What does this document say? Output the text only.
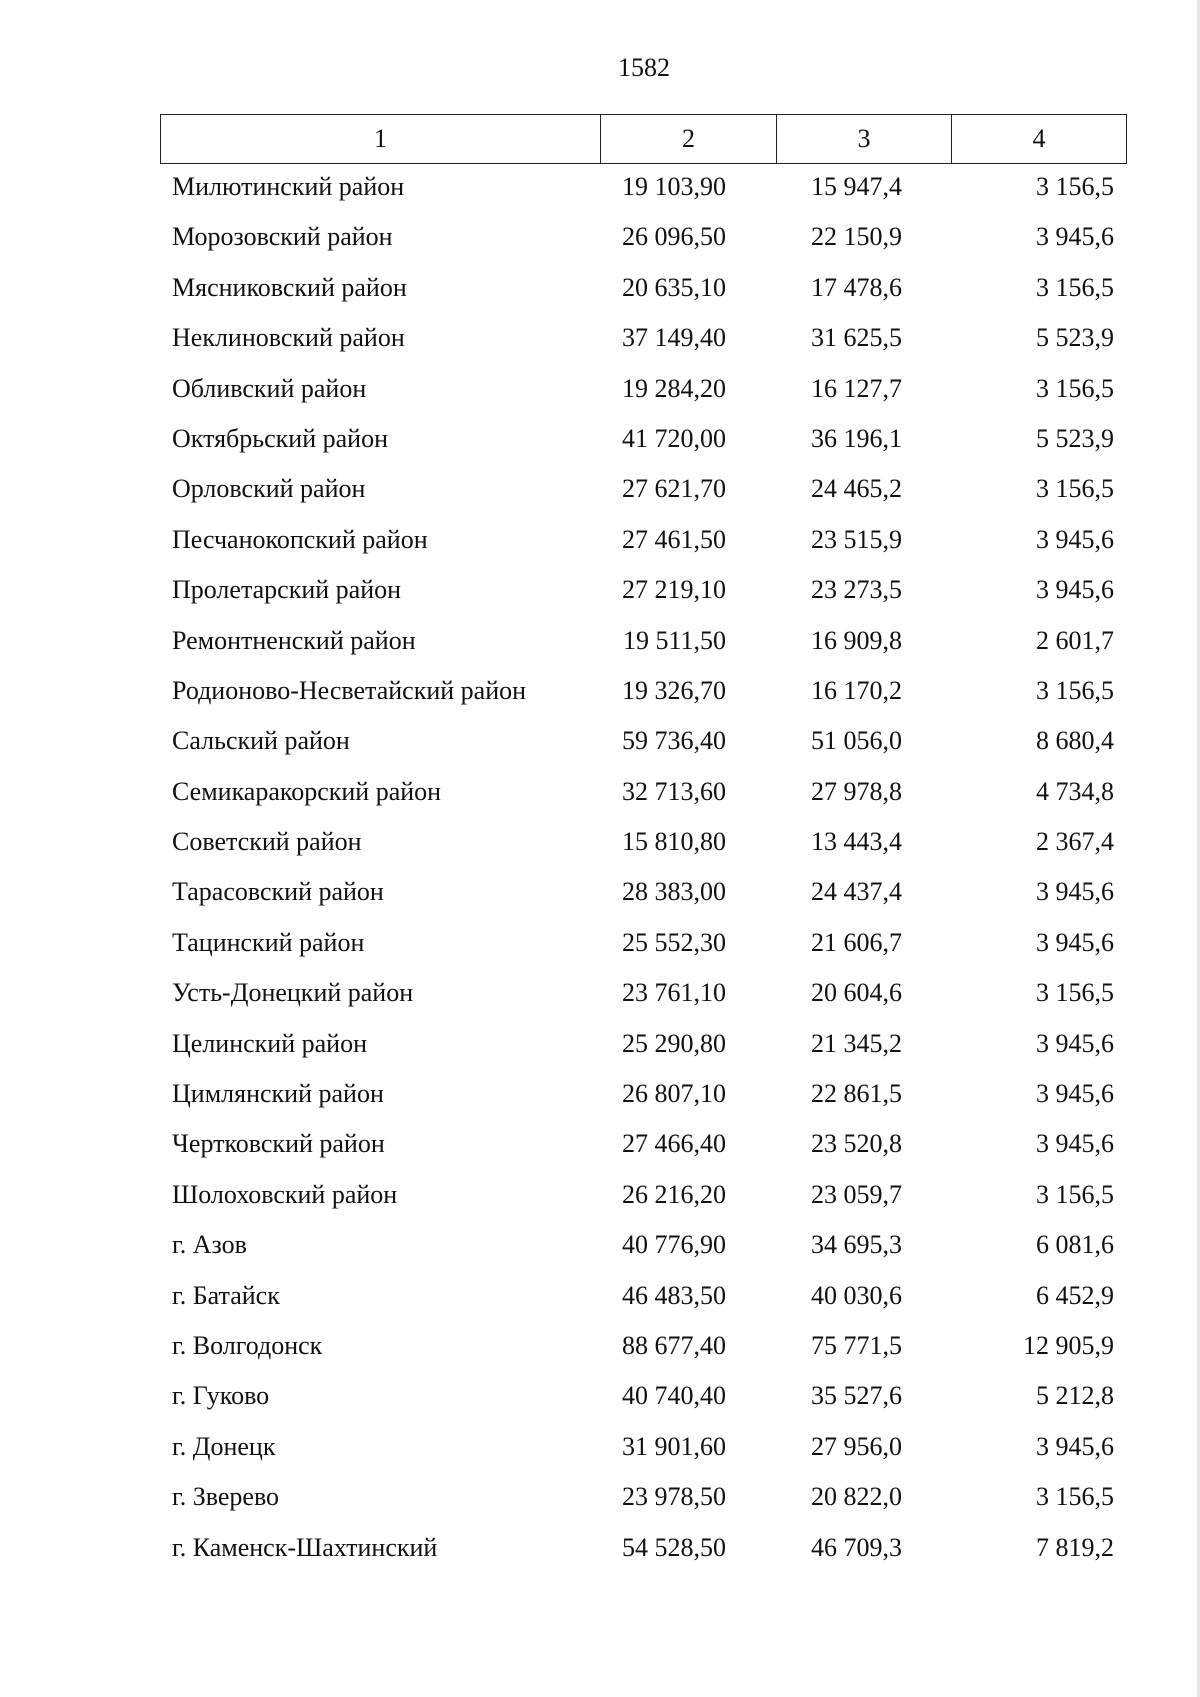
1582
1	2	3	4
Милютинский район	19 103,90	15 947,4	3 156,5
Морозовский район	26 096,50	22 150,9	3 945,6
Мясниковский район	20 635,10	17 478,6	3 156,5
Неклиновский район	37 149,40	31 625,5	5 523,9
Обливский район	19 284,20	16 127,7	3 156,5
Октябрьский район	41 720,00	36 196,1	5 523,9
Орловский район	27 621,70	24 465,2	3 156,5
Песчанокопский район	27 461,50	23 515,9	3 945,6
Пролетарский район	27 219,10	23 273,5	3 945,6
Ремонтненский район	19 511,50	16 909,8	2 601,7
Родионово-Несветайский район	19 326,70	16 170,2	3 156,5
Сальский район	59 736,40	51 056,0	8 680,4
Семикаракорский район	32 713,60	27 978,8	4 734,8
Советский район	15 810,80	13 443,4	2 367,4
Тарасовский район	28 383,00	24 437,4	3 945,6
Тацинский район	25 552,30	21 606,7	3 945,6
Усть-Донецкий район	23 761,10	20 604,6	3 156,5
Целинский район	25 290,80	21 345,2	3 945,6
Цимлянский район	26 807,10	22 861,5	3 945,6
Чертковский район	27 466,40	23 520,8	3 945,6
Шолоховский район	26 216,20	23 059,7	3 156,5
г. Азов	40 776,90	34 695,3	6 081,6
г. Батайск	46 483,50	40 030,6	6 452,9
г. Волгодонск	88 677,40	75 771,5	12 905,9
г. Гуково	40 740,40	35 527,6	5 212,8
г. Донецк	31 901,60	27 956,0	3 945,6
г. Зверево	23 978,50	20 822,0	3 156,5
г. Каменск-Шахтинский	54 528,50	46 709,3	7 819,2
